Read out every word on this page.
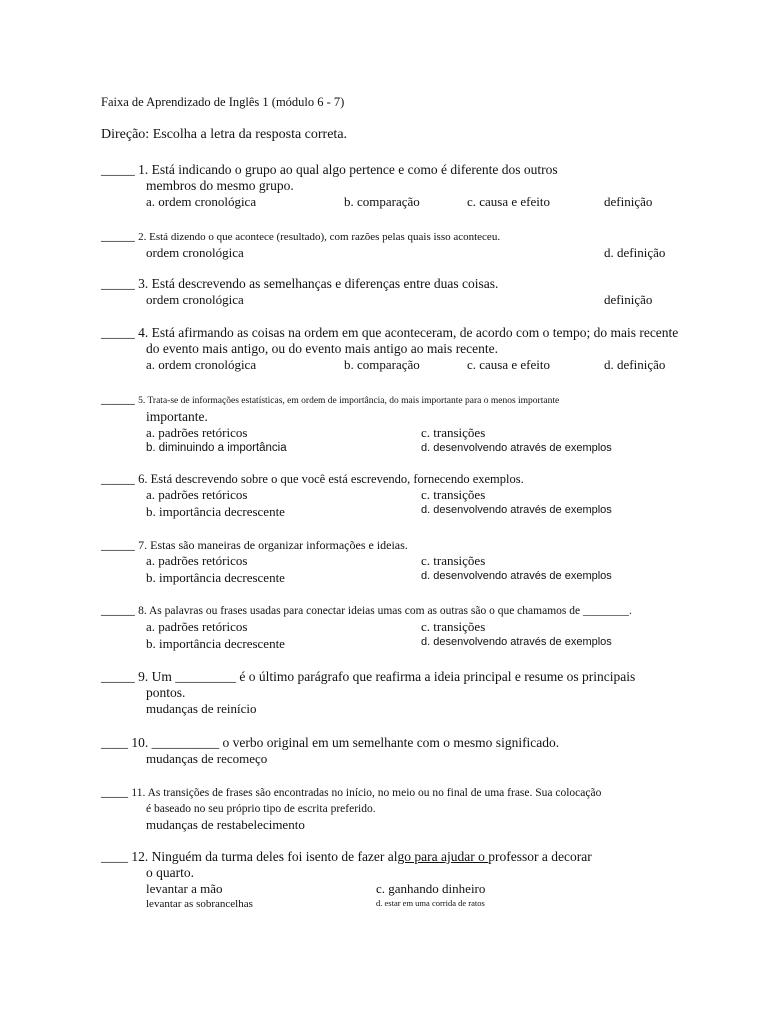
Faixa de Aprendizado de Inglês 1 (módulo 6 - 7)
Direção: Escolha a letra da resposta correta.
_____ 1. Está indicando o grupo ao qual algo pertence e como é diferente dos outros
membros do mesmo grupo.
a. ordem cronológica	b. comparação	c. causa e efeito	definição
_____ 2. Está dizendo o que acontece (resultado), com razões pelas quais isso aconteceu.
ordem cronológica	d. definição
_____ 3. Está descrevendo as semelhanças e diferenças entre duas coisas.
ordem cronológica	definição
_____ 4. Está afirmando as coisas na ordem em que aconteceram, de acordo com o tempo; do mais recente
do evento mais antigo, ou do evento mais antigo ao mais recente.
a. ordem cronológica	b. comparação	c. causa e efeito	d. definição
_____ 5. Trata-se de informações estatísticas, em ordem de importância, do mais importante para o menos importante
importante.
a. padrões retóricos	c. transições
b. diminuindo a importância	d. desenvolvendo através de exemplos
_____ 6. Está descrevendo sobre o que você está escrevendo, fornecendo exemplos.
a. padrões retóricos	c. transições
b. importância decrescente	d. desenvolvendo através de exemplos
_____ 7. Estas são maneiras de organizar informações e ideias.
a. padrões retóricos	c. transições
b. importância decrescente	d. desenvolvendo através de exemplos
_____ 8. As palavras ou frases usadas para conectar ideias umas com as outras são o que chamamos de ________.
a. padrões retóricos	c. transições
b. importância decrescente	d. desenvolvendo através de exemplos
_____ 9. Um _________ é o último parágrafo que reafirma a ideia principal e resume os principais
pontos.
mudanças de reinício
____ 10. __________ o verbo original em um semelhante com o mesmo significado.
mudanças de recomeço
____ 11. As transições de frases são encontradas no início, no meio ou no final de uma frase. Sua colocação
é baseado no seu próprio tipo de escrita preferido.
mudanças de restabelecimento
____ 12. Ninguém da turma deles foi isento de fazer algo para ajudar o professor a decorar
o quarto.
levantar a mão	c. ganhando dinheiro
levantar as sobrancelhas	d. estar em uma corrida de ratos
